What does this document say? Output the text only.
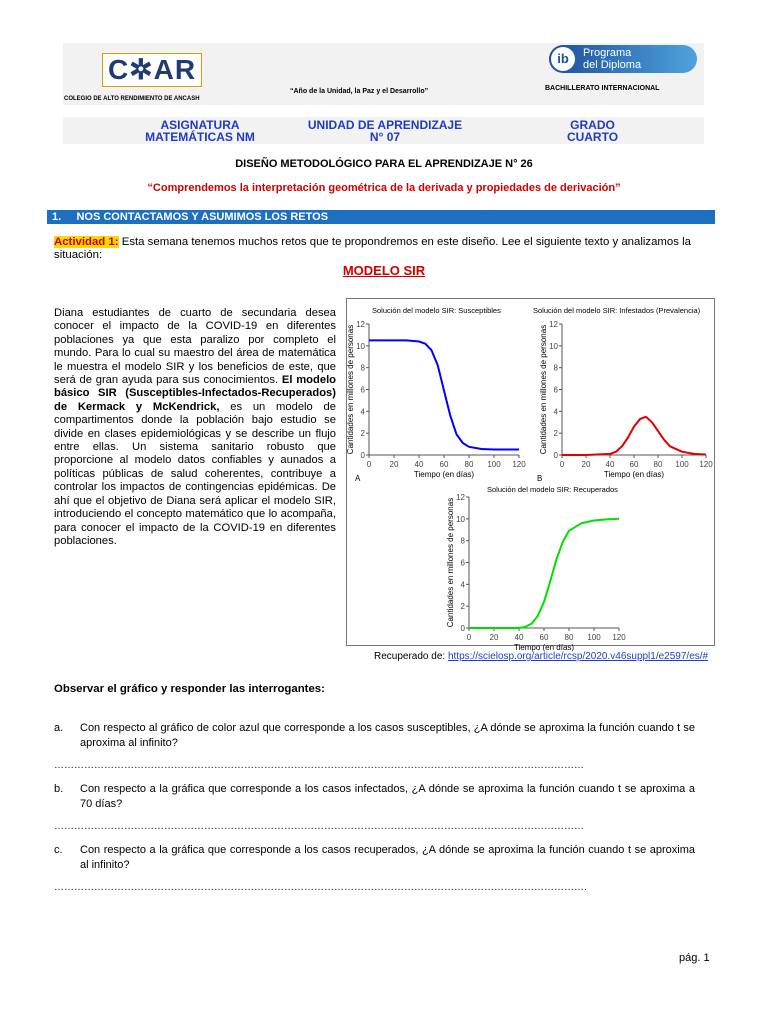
C✲AR
COLEGIO DE ALTO RENDIMIENTO DE ANCASH
“Año de la Unidad, la Paz y el Desarrollo”
ib	Programa
del Diploma
BACHILLERATO INTERNACIONAL
ASIGNATURA
MATEMÁTICAS NM
UNIDAD DE APRENDIZAJE
N° 07
GRADO
CUARTO
DISEÑO METODOLÓGICO PARA EL APRENDIZAJE N° 26
“Comprendemos la interpretación geométrica de la derivada y propiedades de derivación”
1.     NOS CONTACTAMOS Y ASUMIMOS LOS RETOS
Actividad 1: Esta semana tenemos muchos retos que te propondremos en este diseño. Lee el siguiente texto y analizamos la situación:
MODELO SIR
Diana estudiantes de cuarto de secundaria desea conocer el impacto de la COVID-19 en diferentes poblaciones ya que esta paralizo por completo el mundo. Para lo cual su maestro del área de matemática le muestra el modelo SIR y los beneficios de este, que será de gran ayuda para sus conocimientos. El modelo básico SIR (Susceptibles-Infectados-Recuperados) de Kermack y McKendrick, es un modelo de compartimentos donde la población bajo estudio se divide en clases epidemiológicas y se describe un flujo entre ellas. Un sistema sanitario robusto que proporcione al modelo datos confiables y aunados a políticas públicas de salud coherentes, contribuye a controlar los impactos de contingencias epidémicas. De ahí que el objetivo de Diana será aplicar el modelo SIR, introduciendo el concepto matemático que lo acompaña, para conocer el impacto de la COVID-19 en diferentes poblaciones.
Solución del modelo SIR: Susceptibles
0 20 40 60 80 100 120
0
2
4
6
8
10
12
Tiempo (en días)
Cantidades en millones de personas
A
Solución del modelo SIR: Infestados (Prevalencia)
0 20 40 60 80 100 120
0
2
4
6
8
10
12
Tiempo (en días)
Cantidades en millones de personas
B
Solución del modelo SIR: Recuperados
0 20 40 60 80 100 120
0
2
4
6
8
10
12
Tiempo (en días)
Cantidades en millones de personas
Recuperado de: https://scielosp.org/article/rcsp/2020.v46suppl1/e2597/es/#
Observar el gráfico y responder las interrogantes:
a.	Con respecto al gráfico de color azul que corresponde a los casos susceptibles, ¿A dónde se aproxima la función cuando t se aproxima al infinito?
……………………………………………………………………………………………………………………………………………
b.	Con respecto a la gráfica que corresponde a los casos infectados, ¿A dónde se aproxima la función cuando t se aproxima a 70 días?
……………………………………………………………………………………………………………………………………………
c.	Con respecto a la gráfica que corresponde a los casos recuperados, ¿A dónde se aproxima la función cuando t se aproxima al infinito?
…………………………………………………………………………………………………………………………………………….
pág. 1
